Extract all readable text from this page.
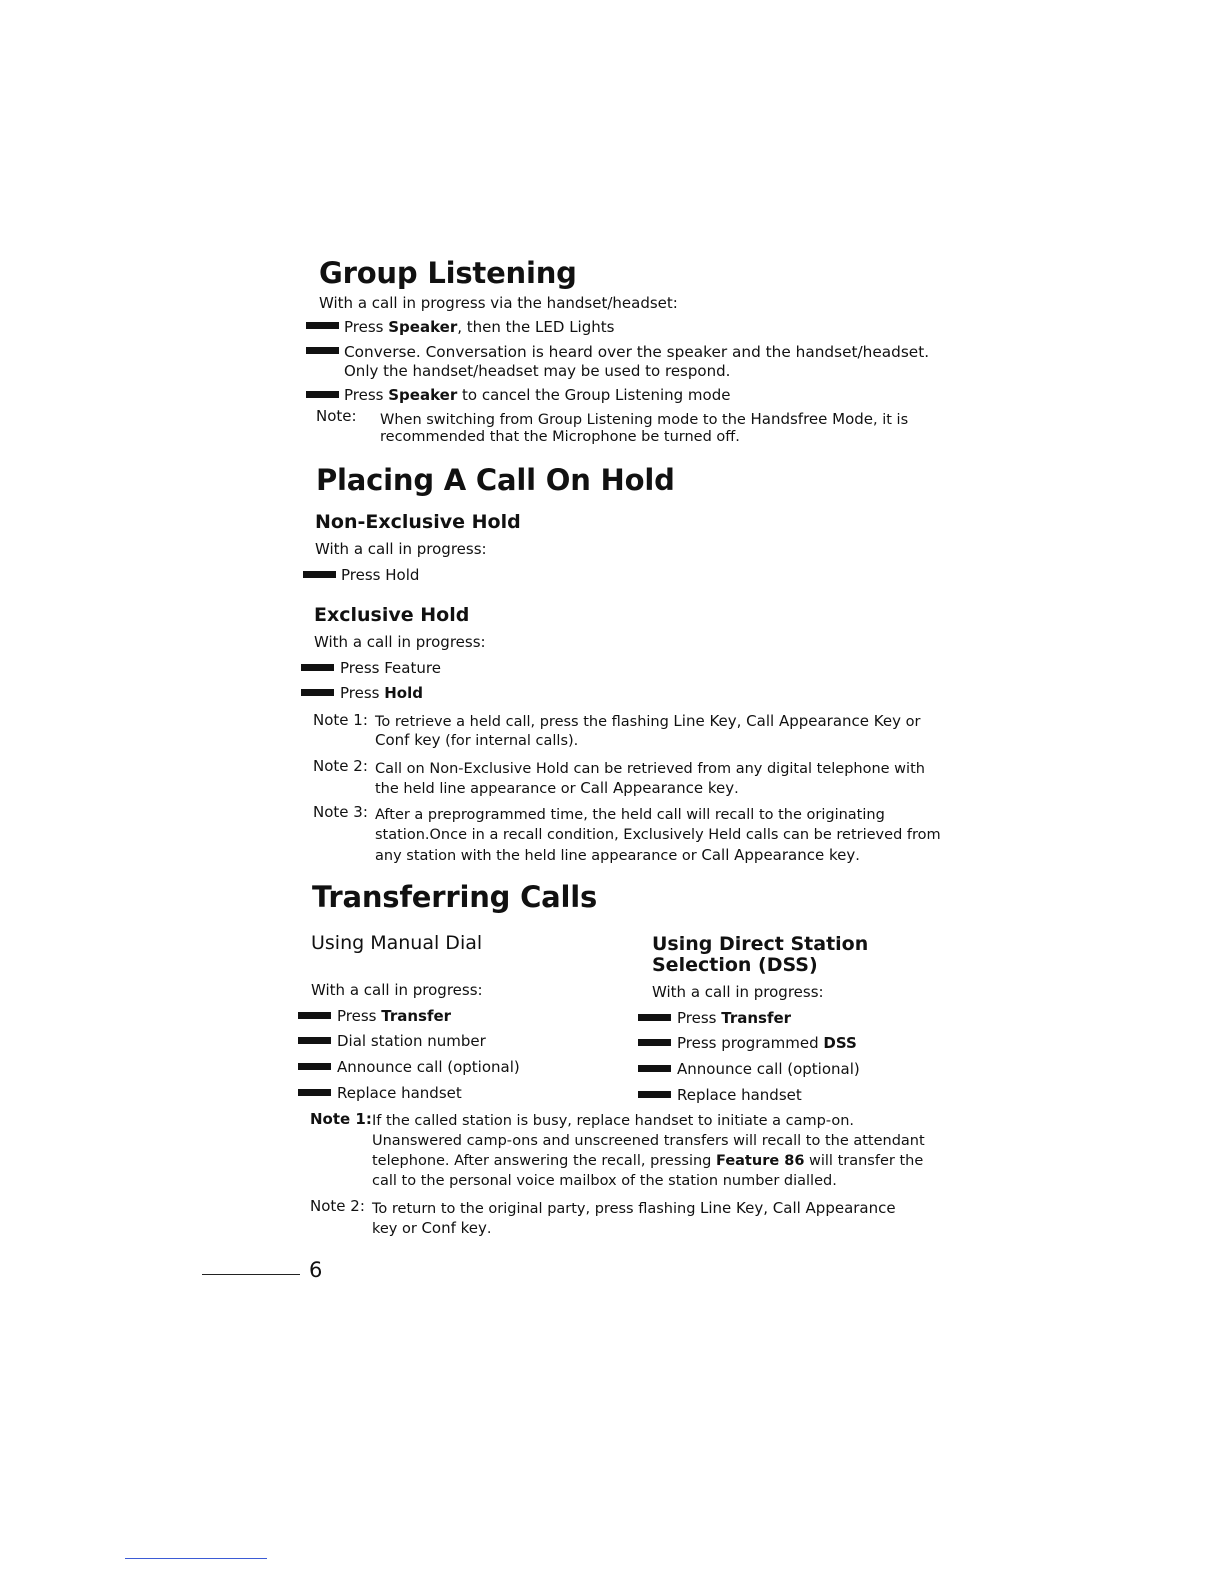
Group Listening
With a call in progress via the handset/headset:
Press Speaker, then the LED Lights
Converse. Conversation is heard over the speaker and the handset/headset.
Only the handset/headset may be used to respond.
Press Speaker to cancel the Group Listening mode
Note: When switching from Group Listening mode to the Handsfree Mode, it is
recommended that the Microphone be turned off.
Placing A Call On Hold
Non-Exclusive Hold
With a call in progress:
Press Hold
Exclusive Hold
With a call in progress:
Press Feature
Press Hold
Note 1: To retrieve a held call, press the flashing Line Key, Call Appearance Key or
Conf key (for internal calls).
Note 2: Call on Non-Exclusive Hold can be retrieved from any digital telephone with
the held line appearance or Call Appearance key.
Note 3: After a preprogrammed time, the held call will recall to the originating
station.Once in a recall condition, Exclusively Held calls can be retrieved from
any station with the held line appearance or Call Appearance key.
Transferring Calls
Using Manual Dial
With a call in progress:
Press Transfer
Dial station number
Announce call (optional)
Replace handset
Using Direct Station
Selection (DSS)
With a call in progress:
Press Transfer
Press programmed DSS
Announce call (optional)
Replace handset
Note 1: If the called station is busy, replace handset to initiate a camp-on.
Unanswered camp-ons and unscreened transfers will recall to the attendant
telephone. After answering the recall, pressing Feature 86 will transfer the
call to the personal voice mailbox of the station number dialled.
Note 2: To return to the original party, press flashing Line Key, Call Appearance
key or Conf key.
6
